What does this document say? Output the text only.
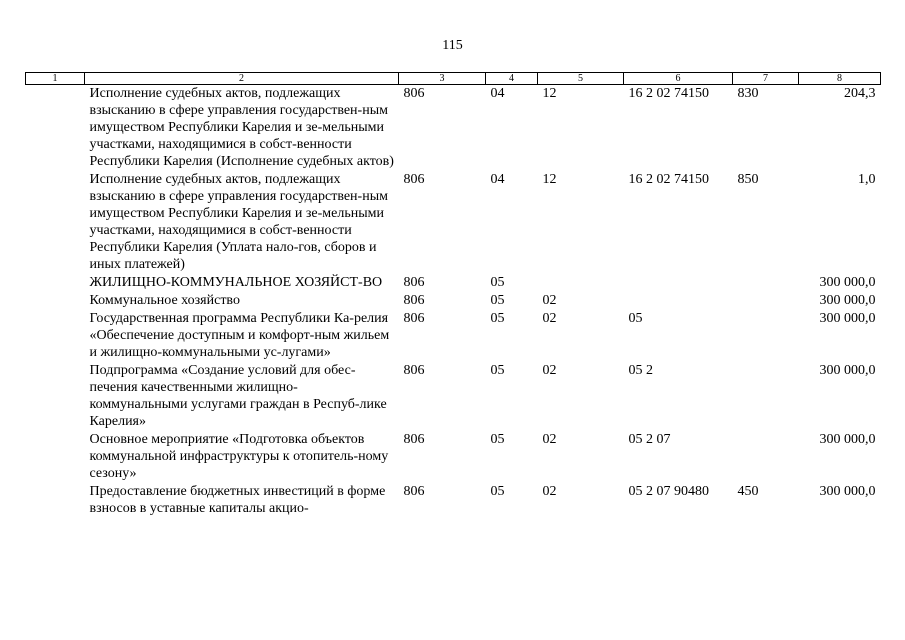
115
1	2	3	4	5	6	7	8
	Исполнение судебных актов, подлежащих взысканию в сфере управления государствен-ным имуществом Республики Карелия и зе-мельными участками, находящимися в собст-венности Республики Карелия (Исполнение судебных актов)	806	04	12	16 2 02 74150	830	204,3
	Исполнение судебных актов, подлежащих взысканию в сфере управления государствен-ным имуществом Республики Карелия и зе-мельными участками, находящимися в собст-венности Республики Карелия (Уплата нало-гов, сборов и иных платежей)	806	04	12	16 2 02 74150	850	1,0
	ЖИЛИЩНО-КОММУНАЛЬНОЕ ХОЗЯЙСТ-ВО	806	05				300 000,0
	Коммунальное хозяйство	806	05	02			300 000,0
	Государственная программа Республики Ка-релия «Обеспечение доступным и комфорт-ным жильем и жилищно-коммунальными ус-лугами»	806	05	02	05		300 000,0
	Подпрограмма «Создание условий для обес-печения качественными жилищно-коммунальными услугами граждан в Респуб-лике Карелия»	806	05	02	05 2		300 000,0
	Основное мероприятие «Подготовка объектов коммунальной инфраструктуры к отопитель-ному сезону»	806	05	02	05 2 07		300 000,0
	Предоставление бюджетных инвестиций в форме взносов в уставные капиталы акцио-	806	05	02	05 2 07 90480	450	300 000,0
